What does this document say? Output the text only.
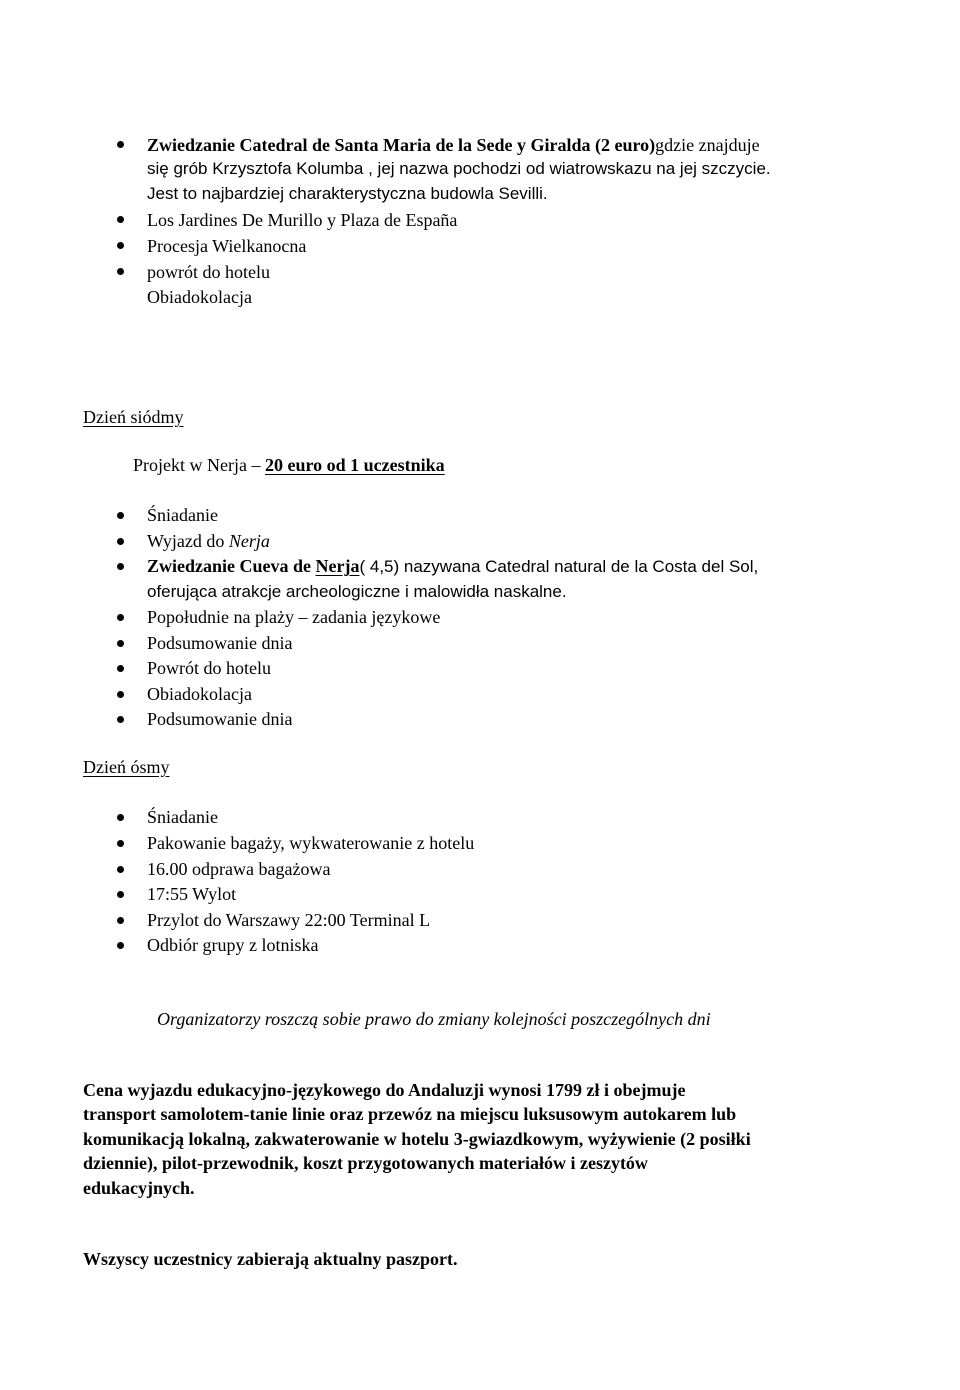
Zwiedzanie Catedral de Santa Maria de la Sede y Giralda (2 euro)gdzie znajduje
się grób Krzysztofa Kolumba , jej nazwa pochodzi od wiatrowskazu na jej szczycie.
Jest to najbardziej charakterystyczna budowla Sevilli.
Los Jardines De Murillo y Plaza de España
Procesja Wielkanocna
powrót do hotelu
Obiadokolacja
Dzień siódmy
Projekt w Nerja – 20 euro od 1 uczestnika
Śniadanie
Wyjazd do Nerja
Zwiedzanie Cueva de Nerja( 4,5) nazywana Catedral natural de la Costa del Sol,
oferująca atrakcje archeologiczne i malowidła naskalne.
Popołudnie na plaży – zadania językowe
Podsumowanie dnia
Powrót do hotelu
Obiadokolacja
Podsumowanie dnia
Dzień ósmy
Śniadanie
Pakowanie bagaży, wykwaterowanie z hotelu
16.00 odprawa bagażowa
17:55 Wylot
Przylot do Warszawy 22:00 Terminal L
Odbiór grupy z lotniska
Organizatorzy roszczą sobie prawo do zmiany kolejności poszczególnych dni
Cena wyjazdu edukacyjno-językowego do Andaluzji wynosi 1799 zł i obejmuje
transport samolotem-tanie linie oraz przewóz na miejscu luksusowym autokarem lub
komunikacją lokalną, zakwaterowanie w hotelu 3-gwiazdkowym, wyżywienie (2 posiłki
dziennie), pilot-przewodnik, koszt przygotowanych materiałów i zeszytów
edukacyjnych.
Wszyscy uczestnicy zabierają aktualny paszport.
